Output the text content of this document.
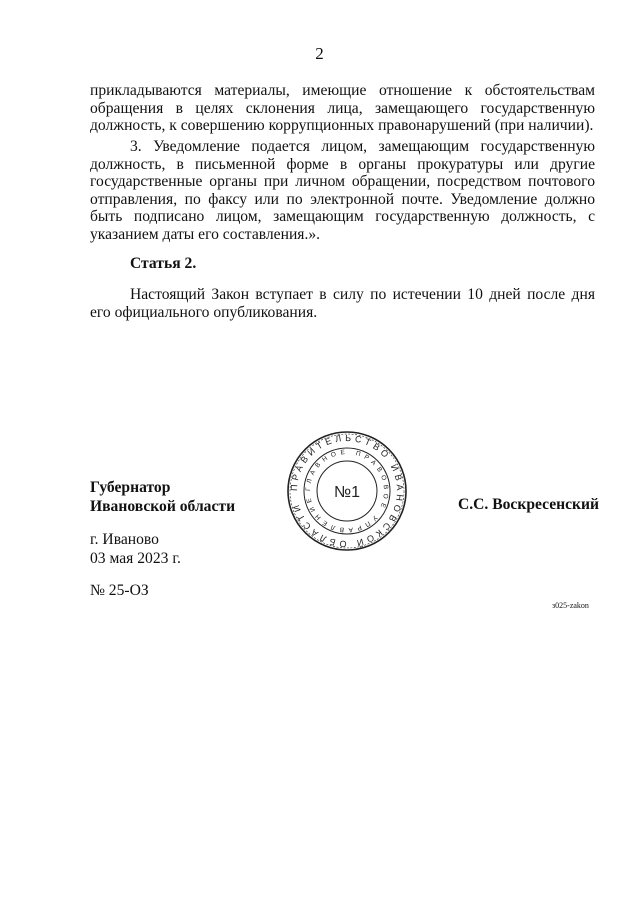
2

прикладываются материалы, имеющие отношение к обстоятельствам обращения в целях склонения лица, замещающего государственную должность, к совершению коррупционных правонарушений (при наличии).

3. Уведомление подается лицом, замещающим государственную должность, в письменной форме в органы прокуратуры или другие государственные органы при личном обращении, посредством почтового отправления, по факсу или по электронной почте. Уведомление должно быть подписано лицом, замещающим государственную должность, с указанием даты его составления.».

Статья 2.

Настоящий Закон вступает в силу по истечении 10 дней после дня его официального опубликования.

Губернатор
Ивановской области
ПРАВИТЕЛЬСТВО ИВАНОВСКОЙ ОБЛАСТИ
ГЛАВНОЕ ПРАВОВОЕ УПРАВЛЕНИЕ	№1
С.С. Воскресенский
г. Иваново
03 мая 2023 г.
№ 25-ОЗ
з025-zakon
